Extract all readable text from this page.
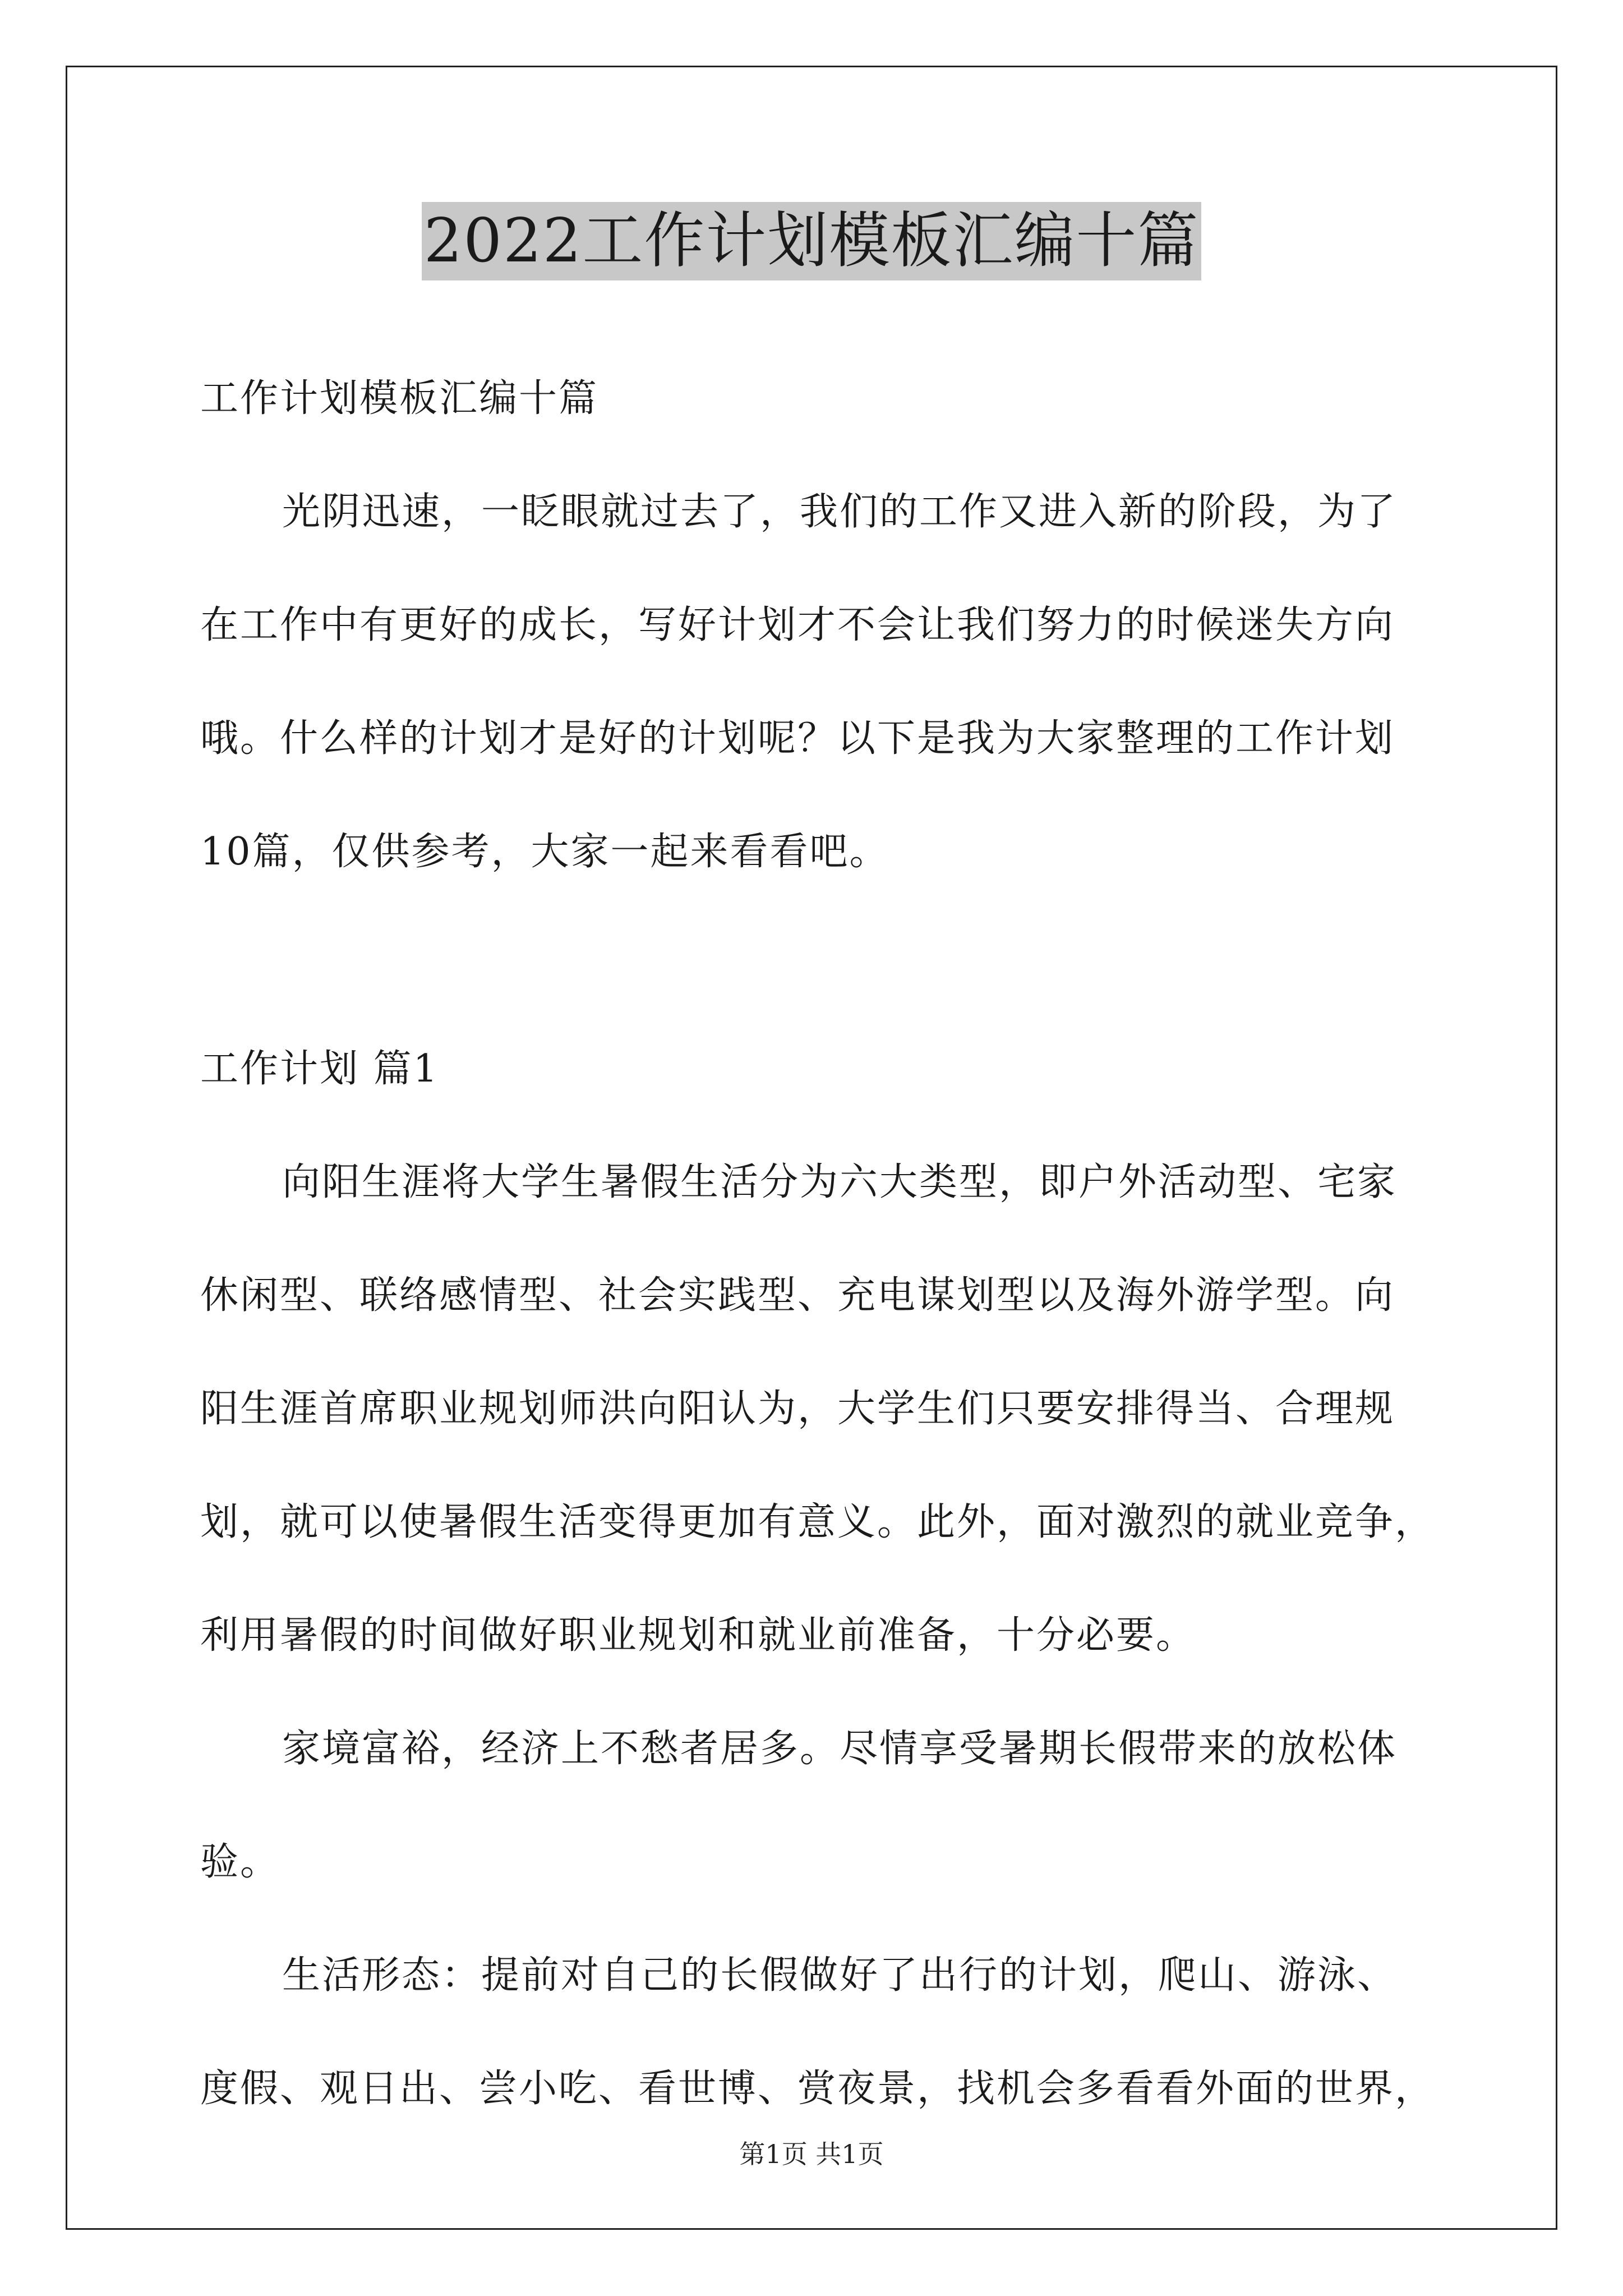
2022工作计划模板汇编十篇
工作计划模板汇编十篇
光阴迅速，一眨眼就过去了，我们的工作又进入新的阶段，为了
在工作中有更好的成长，写好计划才不会让我们努力的时候迷失方向
哦。什么样的计划才是好的计划呢？以下是我为大家整理的工作计划
10篇，仅供参考，大家一起来看看吧。
工作计划 篇1
向阳生涯将大学生暑假生活分为六大类型，即户外活动型、宅家
休闲型、联络感情型、社会实践型、充电谋划型以及海外游学型。向
阳生涯首席职业规划师洪向阳认为，大学生们只要安排得当、合理规
划，就可以使暑假生活变得更加有意义。此外，面对激烈的就业竞争，
利用暑假的时间做好职业规划和就业前准备，十分必要。
家境富裕，经济上不愁者居多。尽情享受暑期长假带来的放松体
验。
生活形态：提前对自己的长假做好了出行的计划，爬山、游泳、
度假、观日出、尝小吃、看世博、赏夜景，找机会多看看外面的世界，
第1页 共1页
